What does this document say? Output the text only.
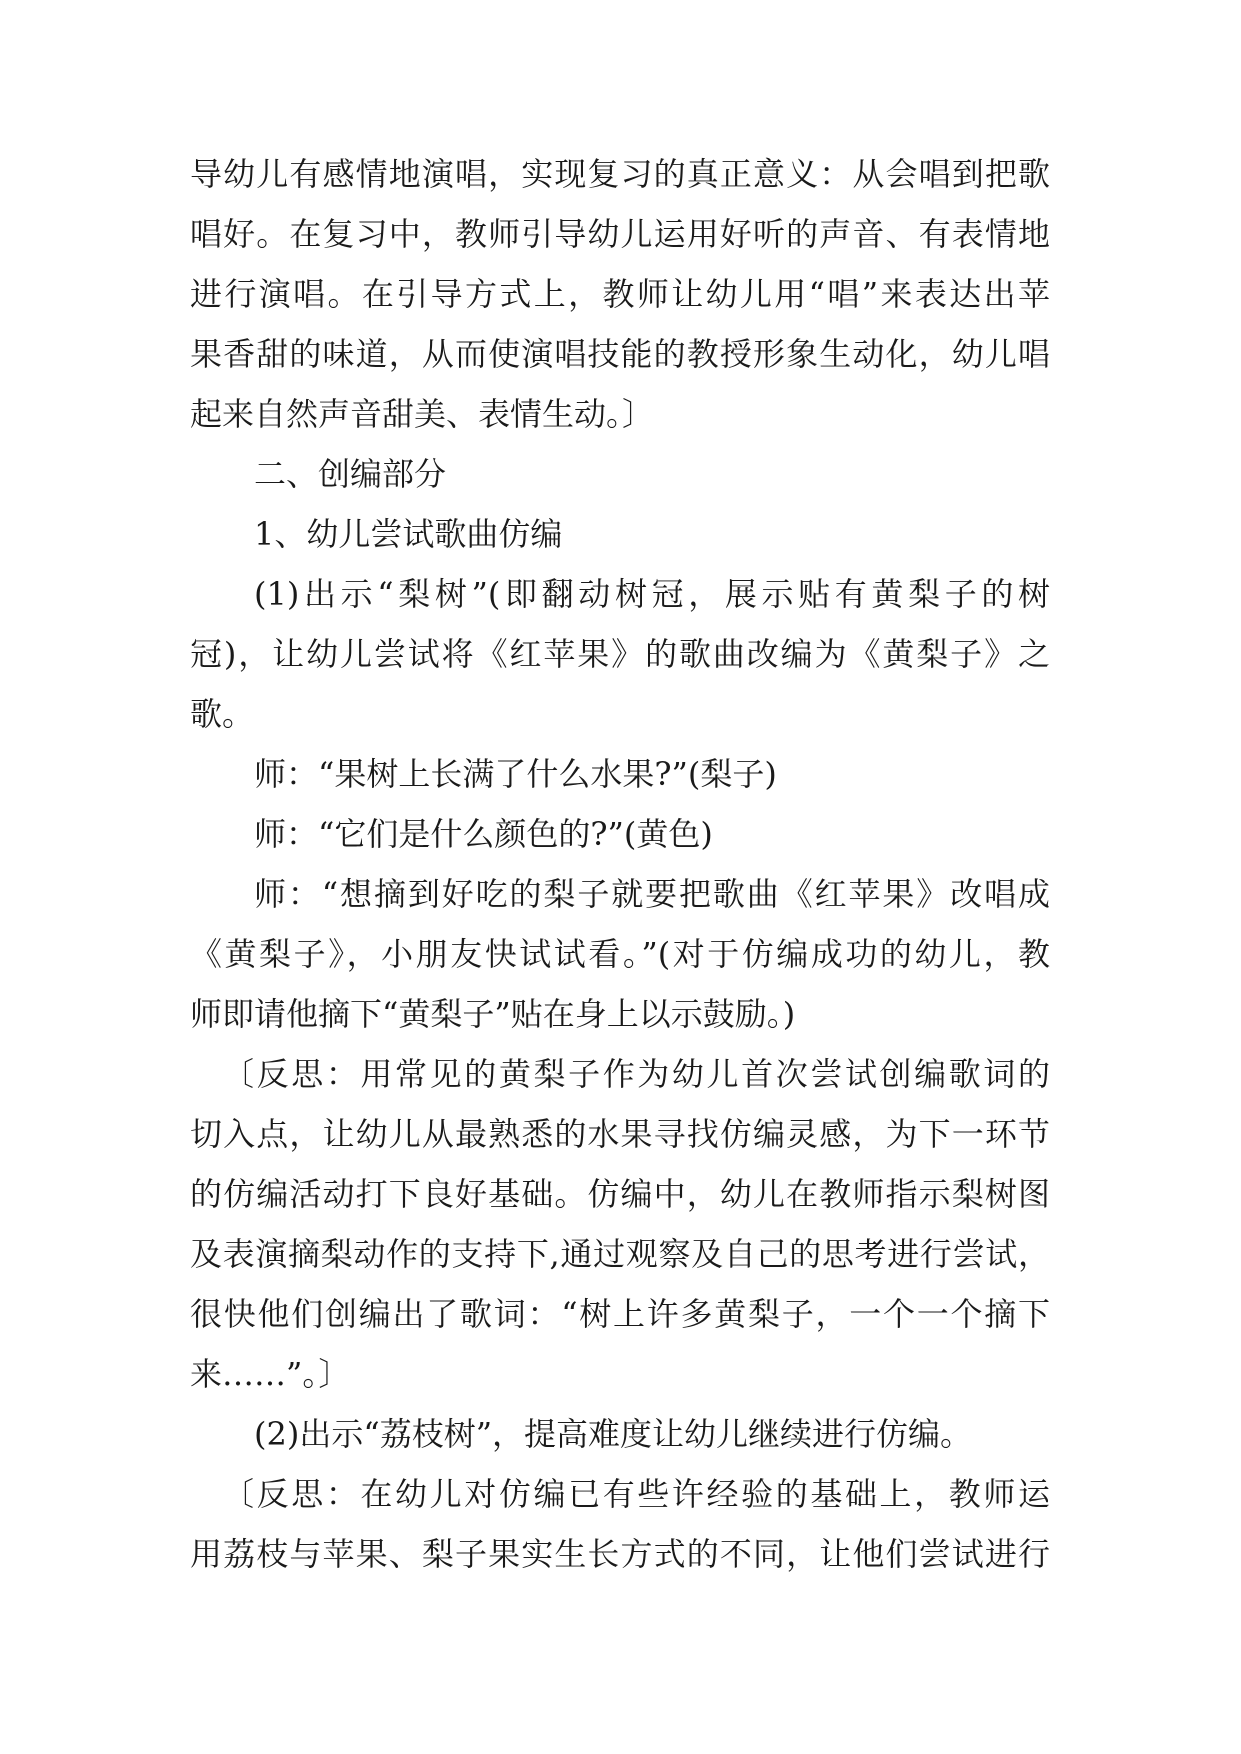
导幼儿有感情地演唱，实现复习的真正意义：从会唱到把歌
唱好。在复习中，教师引导幼儿运用好听的声音、有表情地
进行演唱。在引导方式上，教师让幼儿用“唱”来表达出苹
果香甜的味道，从而使演唱技能的教授形象生动化，幼儿唱
起来自然声音甜美、表情生动。〕
二、创编部分
1、幼儿尝试歌曲仿编
(1)出示“梨树”(即翻动树冠，展示贴有黄梨子的树
冠)，让幼儿尝试将《红苹果》的歌曲改编为《黄梨子》之
歌。
师：“果树上长满了什么水果?”(梨子)
师：“它们是什么颜色的?”(黄色)
师：“想摘到好吃的梨子就要把歌曲《红苹果》改唱成
《黄梨子》，小朋友快试试看。”(对于仿编成功的幼儿，教
师即请他摘下“黄梨子”贴在身上以示鼓励。)
〔反思：用常见的黄梨子作为幼儿首次尝试创编歌词的
切入点，让幼儿从最熟悉的水果寻找仿编灵感，为下一环节
的仿编活动打下良好基础。仿编中，幼儿在教师指示梨树图
及表演摘梨动作的支持下,通过观察及自己的思考进行尝试，
很快他们创编出了歌词：“树上许多黄梨子，一个一个摘下
来……”。〕
(2)出示“荔枝树”，提高难度让幼儿继续进行仿编。
〔反思：在幼儿对仿编已有些许经验的基础上，教师运
用荔枝与苹果、梨子果实生长方式的不同，让他们尝试进行
